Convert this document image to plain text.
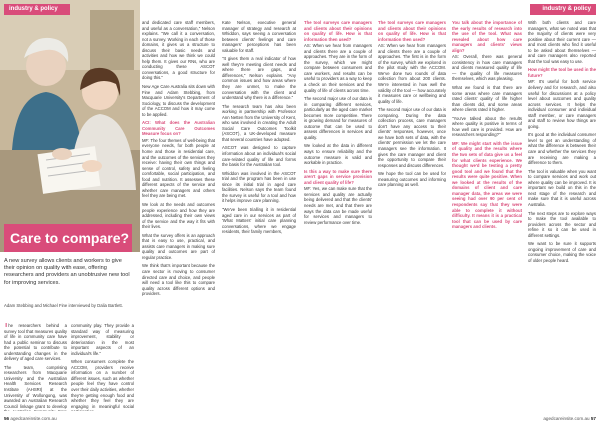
industry & policy
Care to compare?
A new survey allows clients and workers to give their opinion on quality with ease, offering researchers and providers an unobtrusive new tool for improving services.
Adam Stebbing and Michael Fine interviewed by Dalia Bartlett.

The researchers behind a survey tool that measures quality of life in community care have had a public seminar to discuss the potential to contribute to understanding changes in the delivery of aged care services.

The team, comprising researchers from Macquarie University and the Australian Health Services Research Institute (AHSRI) at the University of Wollongong, was awarded an Australian Research Council linkage grant to develop

community play. They provide a standard way of measuring improvement, stability or deterioration in the most important aspects of an individual's life."

When consumers complete the ACCOM, providers receive information on a number of different issues, such as whether people feel they have control over their daily activities, whether they're getting enough food and whether they feel they are engaging in meaningful social

and dedicated care staff members, and useful as a conversation," Nelson explains. "We call it a conversation, not a survey. Working in each of those domains, it gives us a structure to discuss their basic needs and activities and how we think we could help them. It gives our RNs, who are conducting these ASCOT conversations, a good structure for doing this."

New Age Care Australia sits down with Fine and Adam Stebbing, from Macquarie University's Department of Sociology, to discuss the development of the ACCOM and how it may come to be applied.

ACI: What does the Australian Community Care Outcomes Measure focus on?

MF: The four themes of well-being that everyone needs, for both people at home and those in residential care, and the outcomes of the services they receive: having their own things and sense of control, safety and feeling comfortable, social participation, and food and nutrition. It assesses these different aspects of the service and whether care managers and others feel they are being met.

We look at the needs and outcomes people experience and how they are addressed, including their own views of the service and the way it fits with their lives.

What the survey offers is an approach that is easy to use, practical, and assists care managers in making sure quality and outcomes are part of regular practice.

We think that's important because the care sector is moving to consumer directed care and choice, and people will need a tool like this to compare quality across different options and providers.

Kate Nelson, executive general manager of strategy and research at Whiddon, says seeing a conversation between clients' feelings and care managers' perceptions has been valuable for staff.

"It gives them a real indicator of how well they're meeting client needs and where there are gaps, and differences," Nelson explains. "Any common issues and how areas where they are unmet, to make the conversation with the client and understand why there is a difference."

The research team has also been working in partnership with Professor Ann Netten from the University of Kent, who was involved in creating the Adult Social Care Outcomes Toolkit (ASCOT), a UK-developed measure that several countries have adopted.

ASCOT was designed to capture information about an individual's social care-related quality of life and forms the basis for the Australian tool.

Whiddon was involved in the ASCOT trial and the program has been in use since its initial trial in aged care facilities. Nelson says the team found the survey is useful for a tool and how it helps improve care planning.

"We've been trialling it in residential aged care in our services as part of 'What Matters' initial care planning conversations, where we engage residents, their family members,

56 agedcareinsite.com.au
industry & policy

The tool surveys care managers and clients about their opinions on quality of life. How is that information then used?

AS: When we hear from managers and clients there are a couple of approaches. They are in the form of the survey, which we might compare between consumers and care workers, and results can be useful to providers as a way to keep a check on their services and the quality of life of clients across time.

The second major use of our data is in comparing different services, particularly as the aged care market becomes more competitive. There is growing demand for measures of outcome that can be used to assess differences in services and quality.

We looked at the data in different ways to ensure reliability and the outcome measure is valid and workable in practice.

Is this a way to make sure there aren't gaps in service provision and client quality of life?

MF: Yes, we can make sure that the services and quality are actually being delivered and that the clients' needs are met, and that there are ways the data can be made useful for services and managers to review performance over time.

The tool surveys care managers and clients about their opinions on quality of life. How is that information then used?

AS: When we hear from managers and clients there are a couple of approaches. The first is in the form of the survey, which we explored in the pilot study with the ACCOM. We've done two rounds of data collection from about 200 clients. We're interested in how well the validity of the tool — how accurately it measures care or wellbeing and quality of life.

The second major use of our data is comparing. During the data collection process, care managers don't have any access to their clients' responses, however, once we have both sets of data, with the clients' permission we let the care managers see the information. It gives the care manager and client the opportunity to compare their responses and discuss differences.

We hope the tool can be used for measuring outcomes and informing care planning as well.

You talk about the importance of the early results of research into the use of the tool. What was revealed about how care managers and clients' views align?

AS: Overall, there was general consistency in how care managers and clients measured quality of life — the quality of life measures themselves, which was pleasing.

What we found is that there are some areas where care managers rated clients' quality of life higher than clients did, and some areas where clients rated it higher.

"You've talked about the results where quality is positive in terms of how well care is provided. How are researchers responding?"

MF: We might start with the issue of quality and the results where the two sets of data give us a feel for what clients experience. We thought we'd be testing a pretty good tool and we found that the results were quite positive. When we looked at the results of the domains of client and care manager data, the areas we were seeing had over 90 per cent of respondents say that they were able to complete it without difficulty. It means it is a practical tool that can be used by care managers and clients.

With both clients and care managers, what we noted was that the majority of clients were very positive about their current care — and most clients who find it useful to be asked about themselves — and care managers also reported that the tool was easy to use.

How might the tool be used in the future?

MF: It's useful for both service delivery and for research, and also useful for discussions at a policy level about outcomes and quality across services. It helps the individual consumer and individual staff member, or care managers and staff to review how things are going.

It's good at the individual consumer level to get an understanding of what the difference is between their care and whether the services they are receiving are making a difference to them.

The tool is valuable when you want to compare services and work out where quality can be improved. It is important we build on this in the next stage of the research and make sure that it is useful across Australia.

The next steps are to explore ways to make the tool available to providers across the sector and refine it so it can be used in different settings.

We want to be sure it supports ongoing improvement of care and consumer choice, making the voice of older people heard.

agedcareinsite.com.au 57
